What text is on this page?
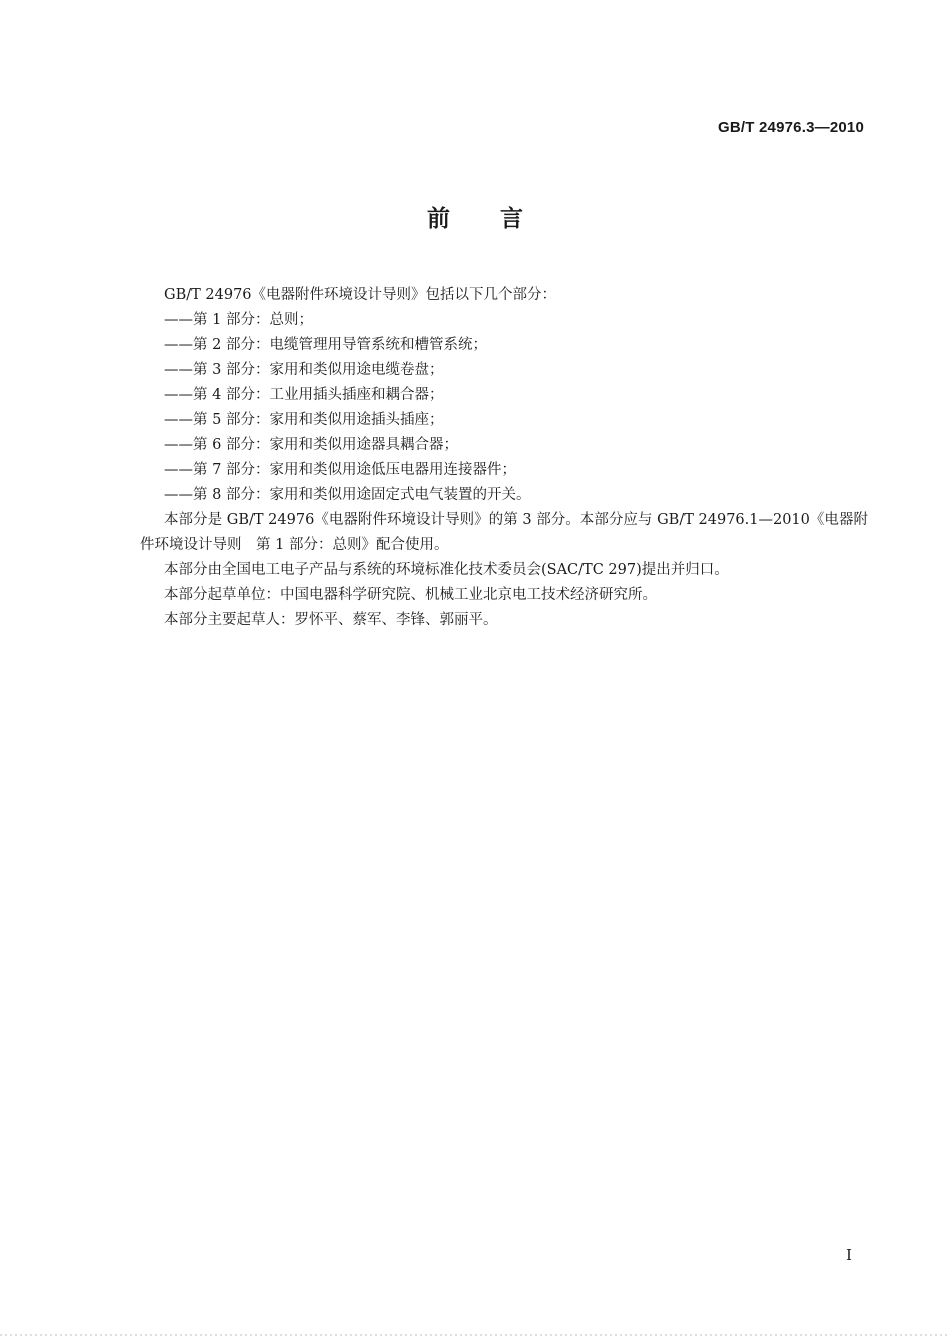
GB/T 24976.3—2010
前言

GB/T 24976《电器附件环境设计导则》包括以下几个部分：

——第 1 部分：总则；

——第 2 部分：电缆管理用导管系统和槽管系统；

——第 3 部分：家用和类似用途电缆卷盘；

——第 4 部分：工业用插头插座和耦合器；

——第 5 部分：家用和类似用途插头插座；

——第 6 部分：家用和类似用途器具耦合器；

——第 7 部分：家用和类似用途低压电器用连接器件；

——第 8 部分：家用和类似用途固定式电气装置的开关。

本部分是 GB/T 24976《电器附件环境设计导则》的第 3 部分。本部分应与 GB/T 24976.1—2010《电器附件环境设计导则　第 1 部分：总则》配合使用。

本部分由全国电工电子产品与系统的环境标准化技术委员会(SAC/TC 297)提出并归口。

本部分起草单位：中国电器科学研究院、机械工业北京电工技术经济研究所。

本部分主要起草人：罗怀平、蔡军、李锋、郭丽平。

I
